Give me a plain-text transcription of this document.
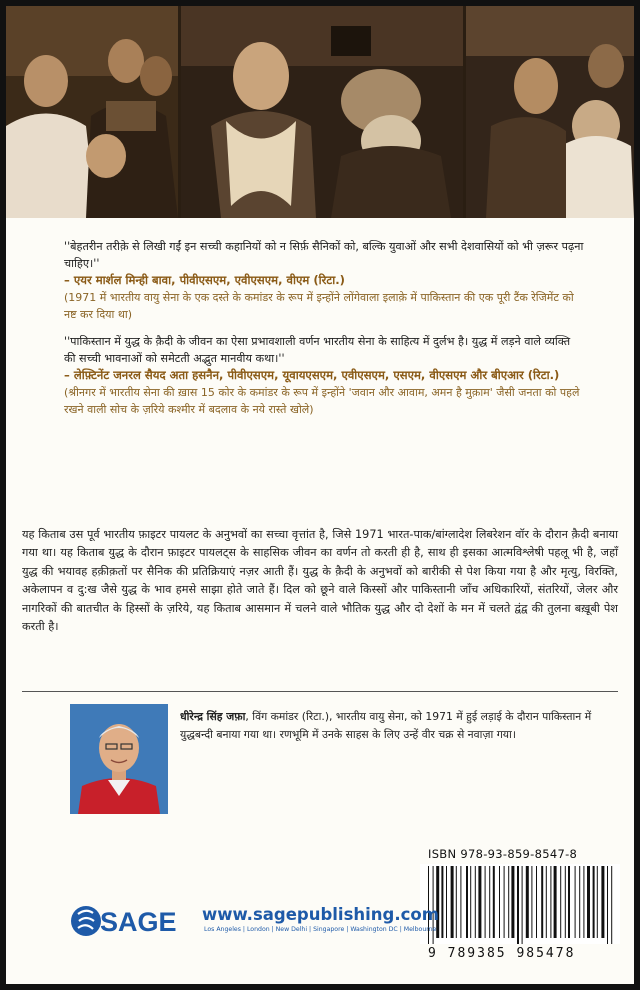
''बेहतरीन तरीक़े से लिखी गईं इन सच्ची कहानियों को न सिर्फ़ सैनिकों को, बल्कि युवाओं और सभी देशवासियों को भी ज़रूर पढ़ना चाहिए।''

– एयर मार्शल मिन्ही बावा, पीवीएसएम, एवीएसएम, वीएम (रिटा.)

(1971 में भारतीय वायु सेना के एक दस्ते के कमांडर के रूप में इन्होंने लोंगेवाला इलाक़े में पाकिस्तान की एक पूरी टैंक रेजिमेंट को नष्ट कर दिया था)

''पाकिस्तान में युद्ध के क़ैदी के जीवन का ऐसा प्रभावशाली वर्णन भारतीय सेना के साहित्य में दुर्लभ है। युद्ध में लड़ने वाले व्यक्ति की सच्ची भावनाओं को समेटती अद्भुत मानवीय कथा।''

– लेफ़्टिनेंट जनरल सैयद अता हसनैन, पीवीएसएम, यूवायएसएम, एवीएसएम, एसएम, वीएसएम और बीएआर (रिटा.)

(श्रीनगर में भारतीय सेना की ख़ास 15 कोर के कमांडर के रूप में इन्होंने 'जवान और आवाम, अमन है मुक़ाम' जैसी जनता को पहले रखने वाली सोच के ज़रिये कश्मीर में बदलाव के नये रास्ते खोले)

यह किताब उस पूर्व भारतीय फ़ाइटर पायलट के अनुभवों का सच्चा वृत्तांत है, जिसे 1971 भारत-पाक/बांग्लादेश लिबरेशन वॉर के दौरान क़ैदी बनाया गया था। यह किताब युद्ध के दौरान फ़ाइटर पायलट्स के साहसिक जीवन का वर्णन तो करती ही है, साथ ही इसका आत्मविश्लेषी पहलू भी है, जहाँ युद्ध की भयावह हक़ीक़तों पर सैनिक की प्रतिक्रियाएं नज़र आती हैं। युद्ध के क़ैदी के अनुभवों को बारीकी से पेश किया गया है और मृत्यु, विरक्ति, अकेलापन व दु:ख जैसे युद्ध के भाव हमसे साझा होते जाते हैं। दिल को छूने वाले किस्सों और पाकिस्तानी जाँच अधिकारियों, संतरियों, जेलर और नागरिकों की बातचीत के हिस्सों के ज़रिये, यह किताब आसमान में चलने वाले भौतिक युद्ध और दो देशों के मन में चलते द्वंद्व की तुलना बख़ूबी पेश करती है।

धीरेन्द्र सिंह जफ़ा, विंग कमांडर (रिटा.), भारतीय वायु सेना, को 1971 में हुई लड़ाई के दौरान पाकिस्तान में युद्धबन्दी बनाया गया था। रणभूमि में उनके साहस के लिए उन्हें वीर चक्र से नवाज़ा गया।

ISBN 978-93-859-8547-8
9 789385 985478
SAGE www.sagepublishing.com
Los Angeles | London | New Delhi | Singapore | Washington DC | Melbourne
